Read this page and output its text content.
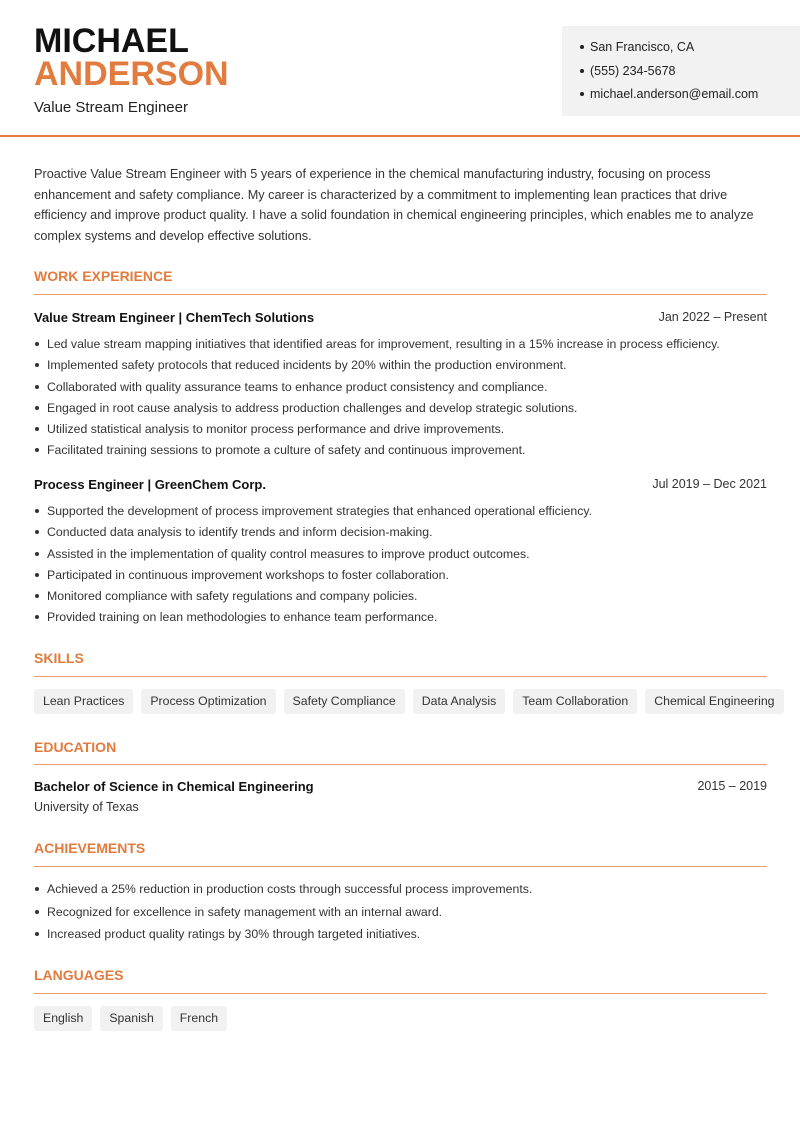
MICHAEL
ANDERSON
Value Stream Engineer
San Francisco, CA
(555) 234-5678
michael.anderson@email.com

Proactive Value Stream Engineer with 5 years of experience in the chemical manufacturing industry, focusing on process enhancement and safety compliance. My career is characterized by a commitment to implementing lean practices that drive efficiency and improve product quality. I have a solid foundation in chemical engineering principles, which enables me to analyze complex systems and develop effective solutions.

WORK EXPERIENCE
Value Stream Engineer | ChemTech Solutions	Jan 2022 – Present
Led value stream mapping initiatives that identified areas for improvement, resulting in a 15% increase in process efficiency.
Implemented safety protocols that reduced incidents by 20% within the production environment.
Collaborated with quality assurance teams to enhance product consistency and compliance.
Engaged in root cause analysis to address production challenges and develop strategic solutions.
Utilized statistical analysis to monitor process performance and drive improvements.
Facilitated training sessions to promote a culture of safety and continuous improvement.
Process Engineer | GreenChem Corp.	Jul 2019 – Dec 2021
Supported the development of process improvement strategies that enhanced operational efficiency.
Conducted data analysis to identify trends and inform decision-making.
Assisted in the implementation of quality control measures to improve product outcomes.
Participated in continuous improvement workshops to foster collaboration.
Monitored compliance with safety regulations and company policies.
Provided training on lean methodologies to enhance team performance.
SKILLS
Lean Practices	Process Optimization	Safety Compliance	Data Analysis	Team Collaboration	Chemical Engineering
EDUCATION
Bachelor of Science in Chemical Engineering	2015 – 2019
University of Texas
ACHIEVEMENTS
Achieved a 25% reduction in production costs through successful process improvements.
Recognized for excellence in safety management with an internal award.
Increased product quality ratings by 30% through targeted initiatives.
LANGUAGES
English	Spanish	French
